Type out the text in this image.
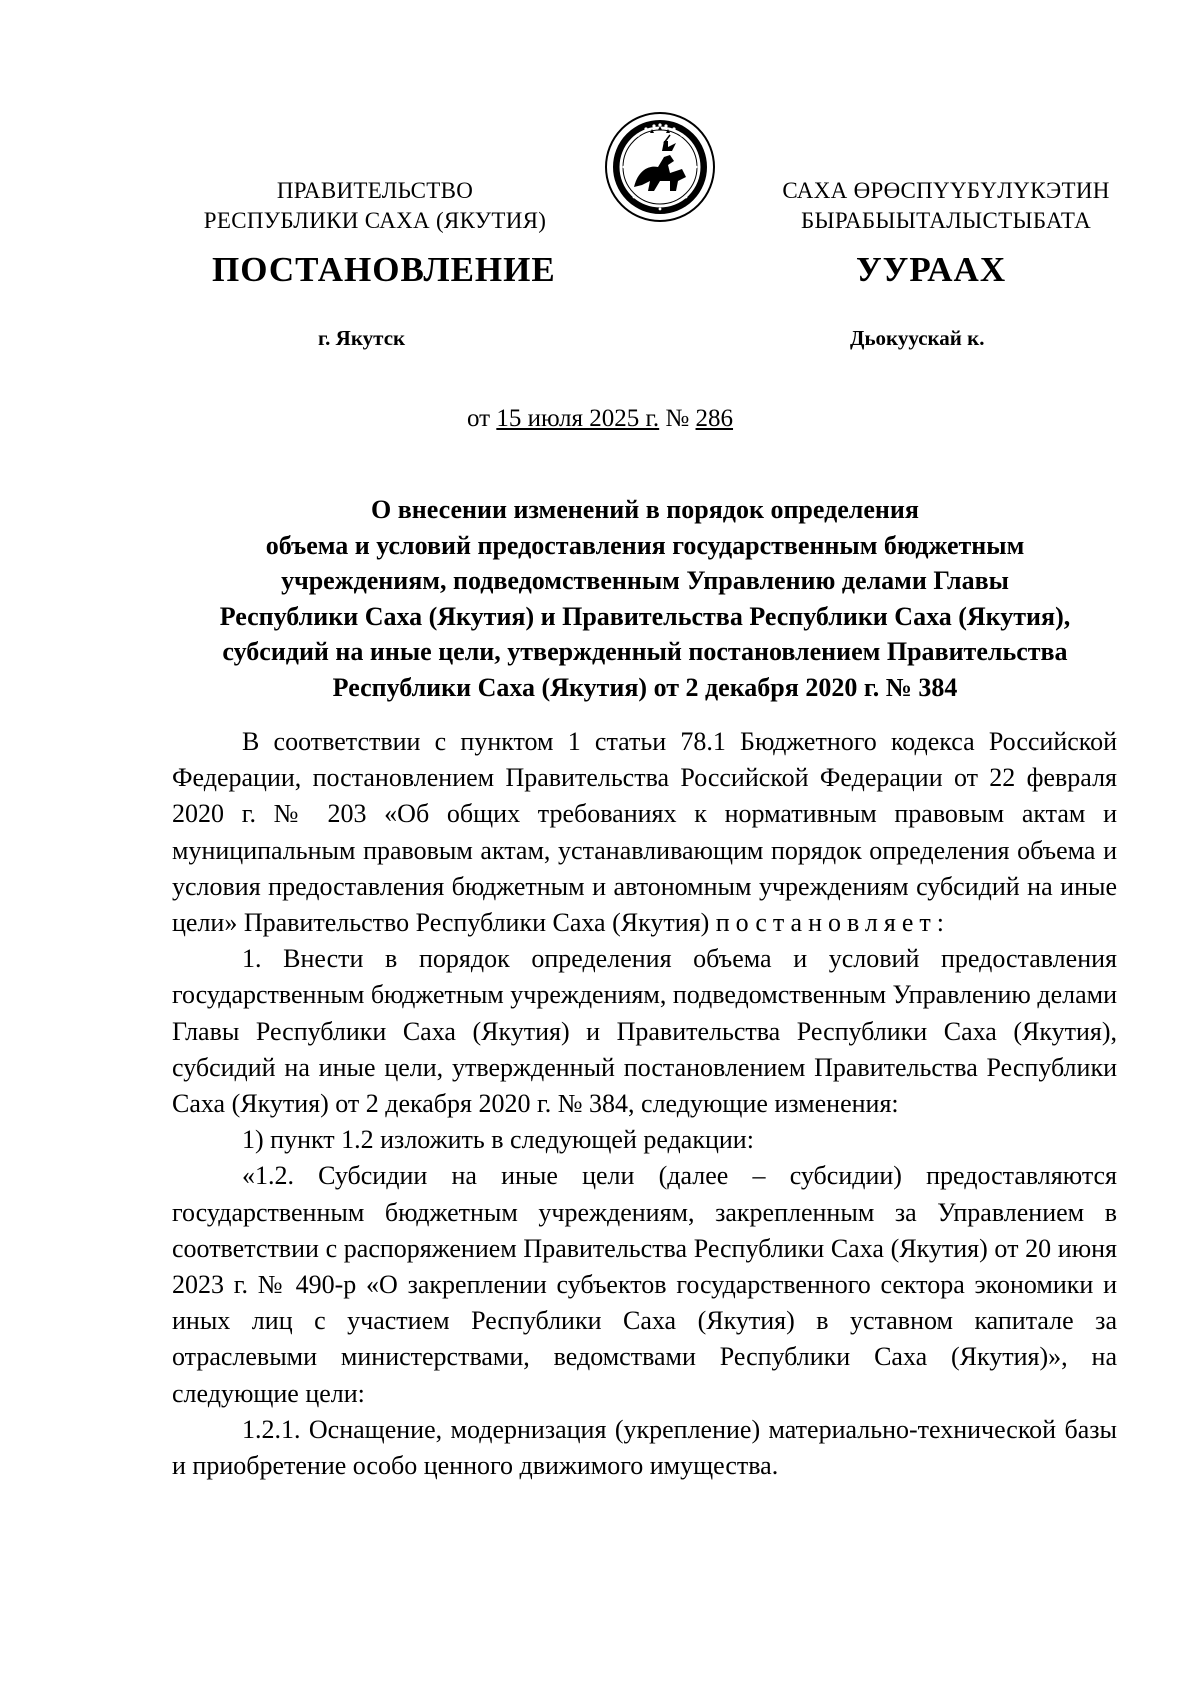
ПРАВИТЕЛЬСТВО
РЕСПУБЛИКИ САХА (ЯКУТИЯ)
САХА ӨРӨСПҮҮБҮЛҮКЭТИН
БЫРАБЫЫТАЛЫСТЫБАТА
ПОСТАНОВЛЕНИЕ	УУРААХ
г. Якутск	Дьокуускай к.
от 15 июля 2025 г. № 286
О внесении изменений в порядок определения
объема и условий предоставления государственным бюджетным
учреждениям, подведомственным Управлению делами Главы
Республики Саха (Якутия) и Правительства Республики Саха (Якутия),
субсидий на иные цели, утвержденный постановлением Правительства
Республики Саха (Якутия) от 2 декабря 2020 г. № 384

В соответствии с пунктом 1 статьи 78.1 Бюджетного кодекса Российской Федерации, постановлением Правительства Российской Федерации от 22 февраля 2020 г. № 203 «Об общих требованиях к нормативным правовым актам и муниципальным правовым актам, устанавливающим порядок определения объема и условия предоставления бюджетным и автономным учреждениям субсидий на иные цели» Правительство Республики Саха (Якутия) постановляет:

1. Внести в порядок определения объема и условий предоставления государственным бюджетным учреждениям, подведомственным Управлению делами Главы Республики Саха (Якутия) и Правительства Республики Саха (Якутия), субсидий на иные цели, утвержденный постановлением Правительства Республики Саха (Якутия) от 2 декабря 2020 г. № 384, следующие изменения:

1) пункт 1.2 изложить в следующей редакции:

«1.2. Субсидии на иные цели (далее – субсидии) предоставляются государственным бюджетным учреждениям, закрепленным за Управлением в соответствии с распоряжением Правительства Республики Саха (Якутия) от 20 июня 2023 г. № 490-р «О закреплении субъектов государственного сектора экономики и иных лиц с участием Республики Саха (Якутия) в уставном капитале за отраслевыми министерствами, ведомствами Республики Саха (Якутия)», на следующие цели:

1.2.1. Оснащение, модернизация (укрепление) материально-технической базы и приобретение особо ценного движимого имущества.
